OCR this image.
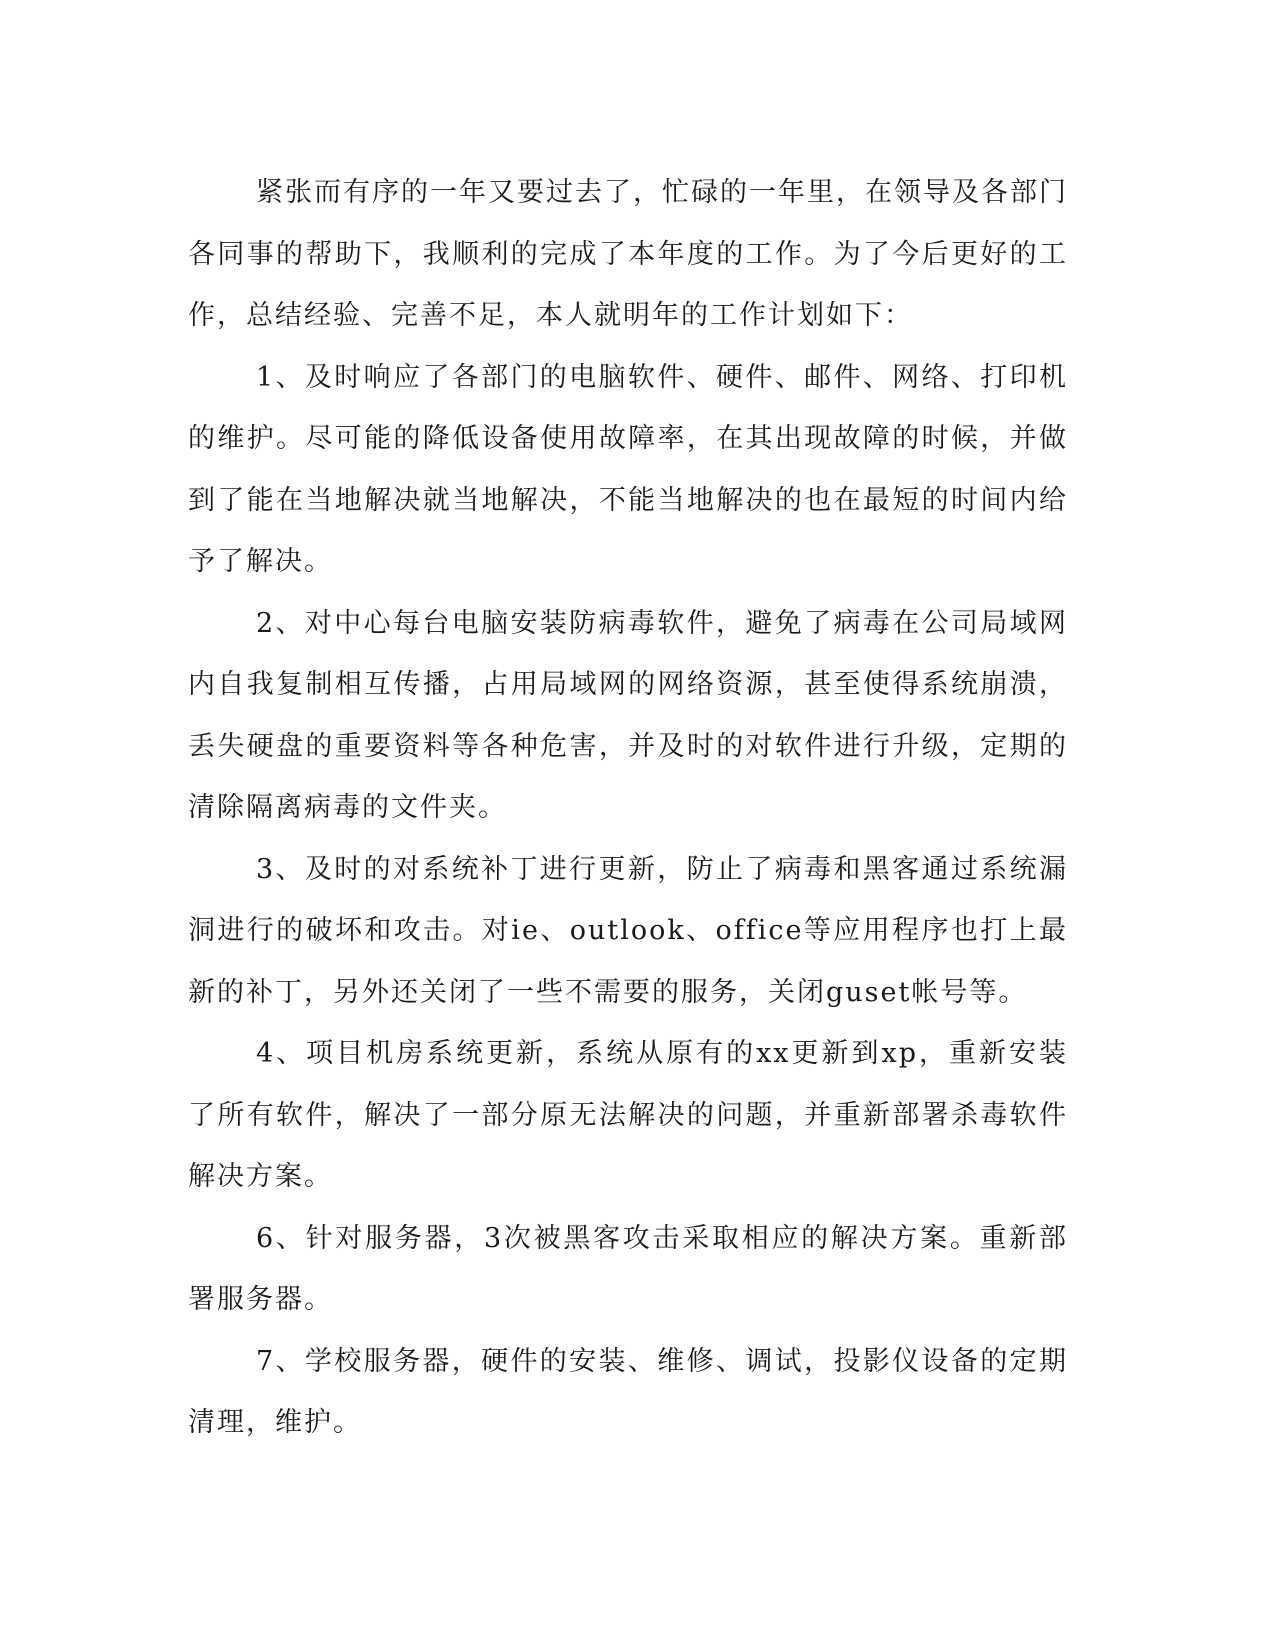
紧张而有序的一年又要过去了，忙碌的一年里，在领导及各部门各同事的帮助下，我顺利的完成了本年度的工作。为了今后更好的工作，总结经验、完善不足，本人就明年的工作计划如下：

1、及时响应了各部门的电脑软件、硬件、邮件、网络、打印机的维护。尽可能的降低设备使用故障率，在其出现故障的时候，并做到了能在当地解决就当地解决，不能当地解决的也在最短的时间内给予了解决。

2、对中心每台电脑安装防病毒软件，避免了病毒在公司局域网内自我复制相互传播，占用局域网的网络资源，甚至使得系统崩溃，丢失硬盘的重要资料等各种危害，并及时的对软件进行升级，定期的清除隔离病毒的文件夹。

3、及时的对系统补丁进行更新，防止了病毒和黑客通过系统漏洞进行的破坏和攻击。对ie、outlook、office等应用程序也打上最新的补丁，另外还关闭了一些不需要的服务，关闭guset帐号等。

4、项目机房系统更新，系统从原有的xx更新到xp，重新安装了所有软件，解决了一部分原无法解决的问题，并重新部署杀毒软件解决方案。

6、针对服务器，3次被黑客攻击采取相应的解决方案。重新部署服务器。

7、学校服务器，硬件的安装、维修、调试，投影仪设备的定期清理，维护。
